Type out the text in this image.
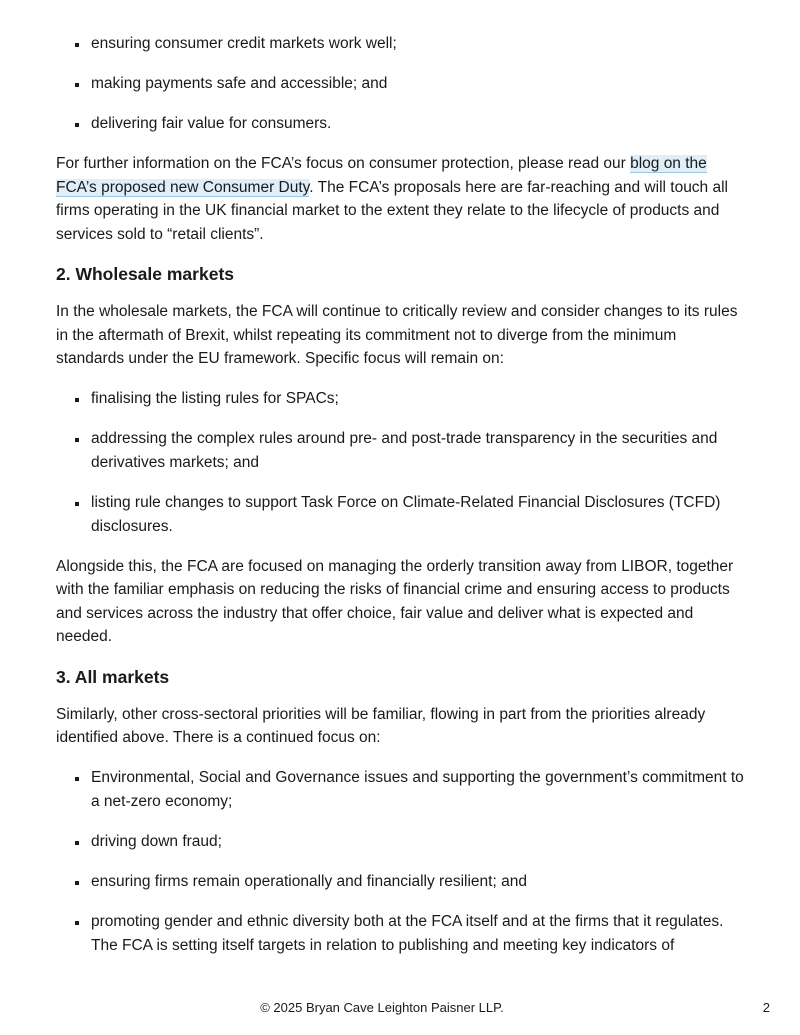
ensuring consumer credit markets work well;
making payments safe and accessible; and
delivering fair value for consumers.

For further information on the FCA’s focus on consumer protection, please read our blog on the FCA’s proposed new Consumer Duty. The FCA’s proposals here are far-reaching and will touch all firms operating in the UK financial market to the extent they relate to the lifecycle of products and services sold to “retail clients”.

2. Wholesale markets

In the wholesale markets, the FCA will continue to critically review and consider changes to its rules in the aftermath of Brexit, whilst repeating its commitment not to diverge from the minimum standards under the EU framework. Specific focus will remain on:

finalising the listing rules for SPACs;
addressing the complex rules around pre- and post-trade transparency in the securities and derivatives markets; and
listing rule changes to support Task Force on Climate-Related Financial Disclosures (TCFD) disclosures.

Alongside this, the FCA are focused on managing the orderly transition away from LIBOR, together with the familiar emphasis on reducing the risks of financial crime and ensuring access to products and services across the industry that offer choice, fair value and deliver what is expected and needed.

3. All markets

Similarly, other cross-sectoral priorities will be familiar, flowing in part from the priorities already identified above. There is a continued focus on:

Environmental, Social and Governance issues and supporting the government’s commitment to a net-zero economy;
driving down fraud;
ensuring firms remain operationally and financially resilient; and
promoting gender and ethnic diversity both at the FCA itself and at the firms that it regulates. The FCA is setting itself targets in relation to publishing and meeting key indicators of
© 2025 Bryan Cave Leighton Paisner LLP.	2
